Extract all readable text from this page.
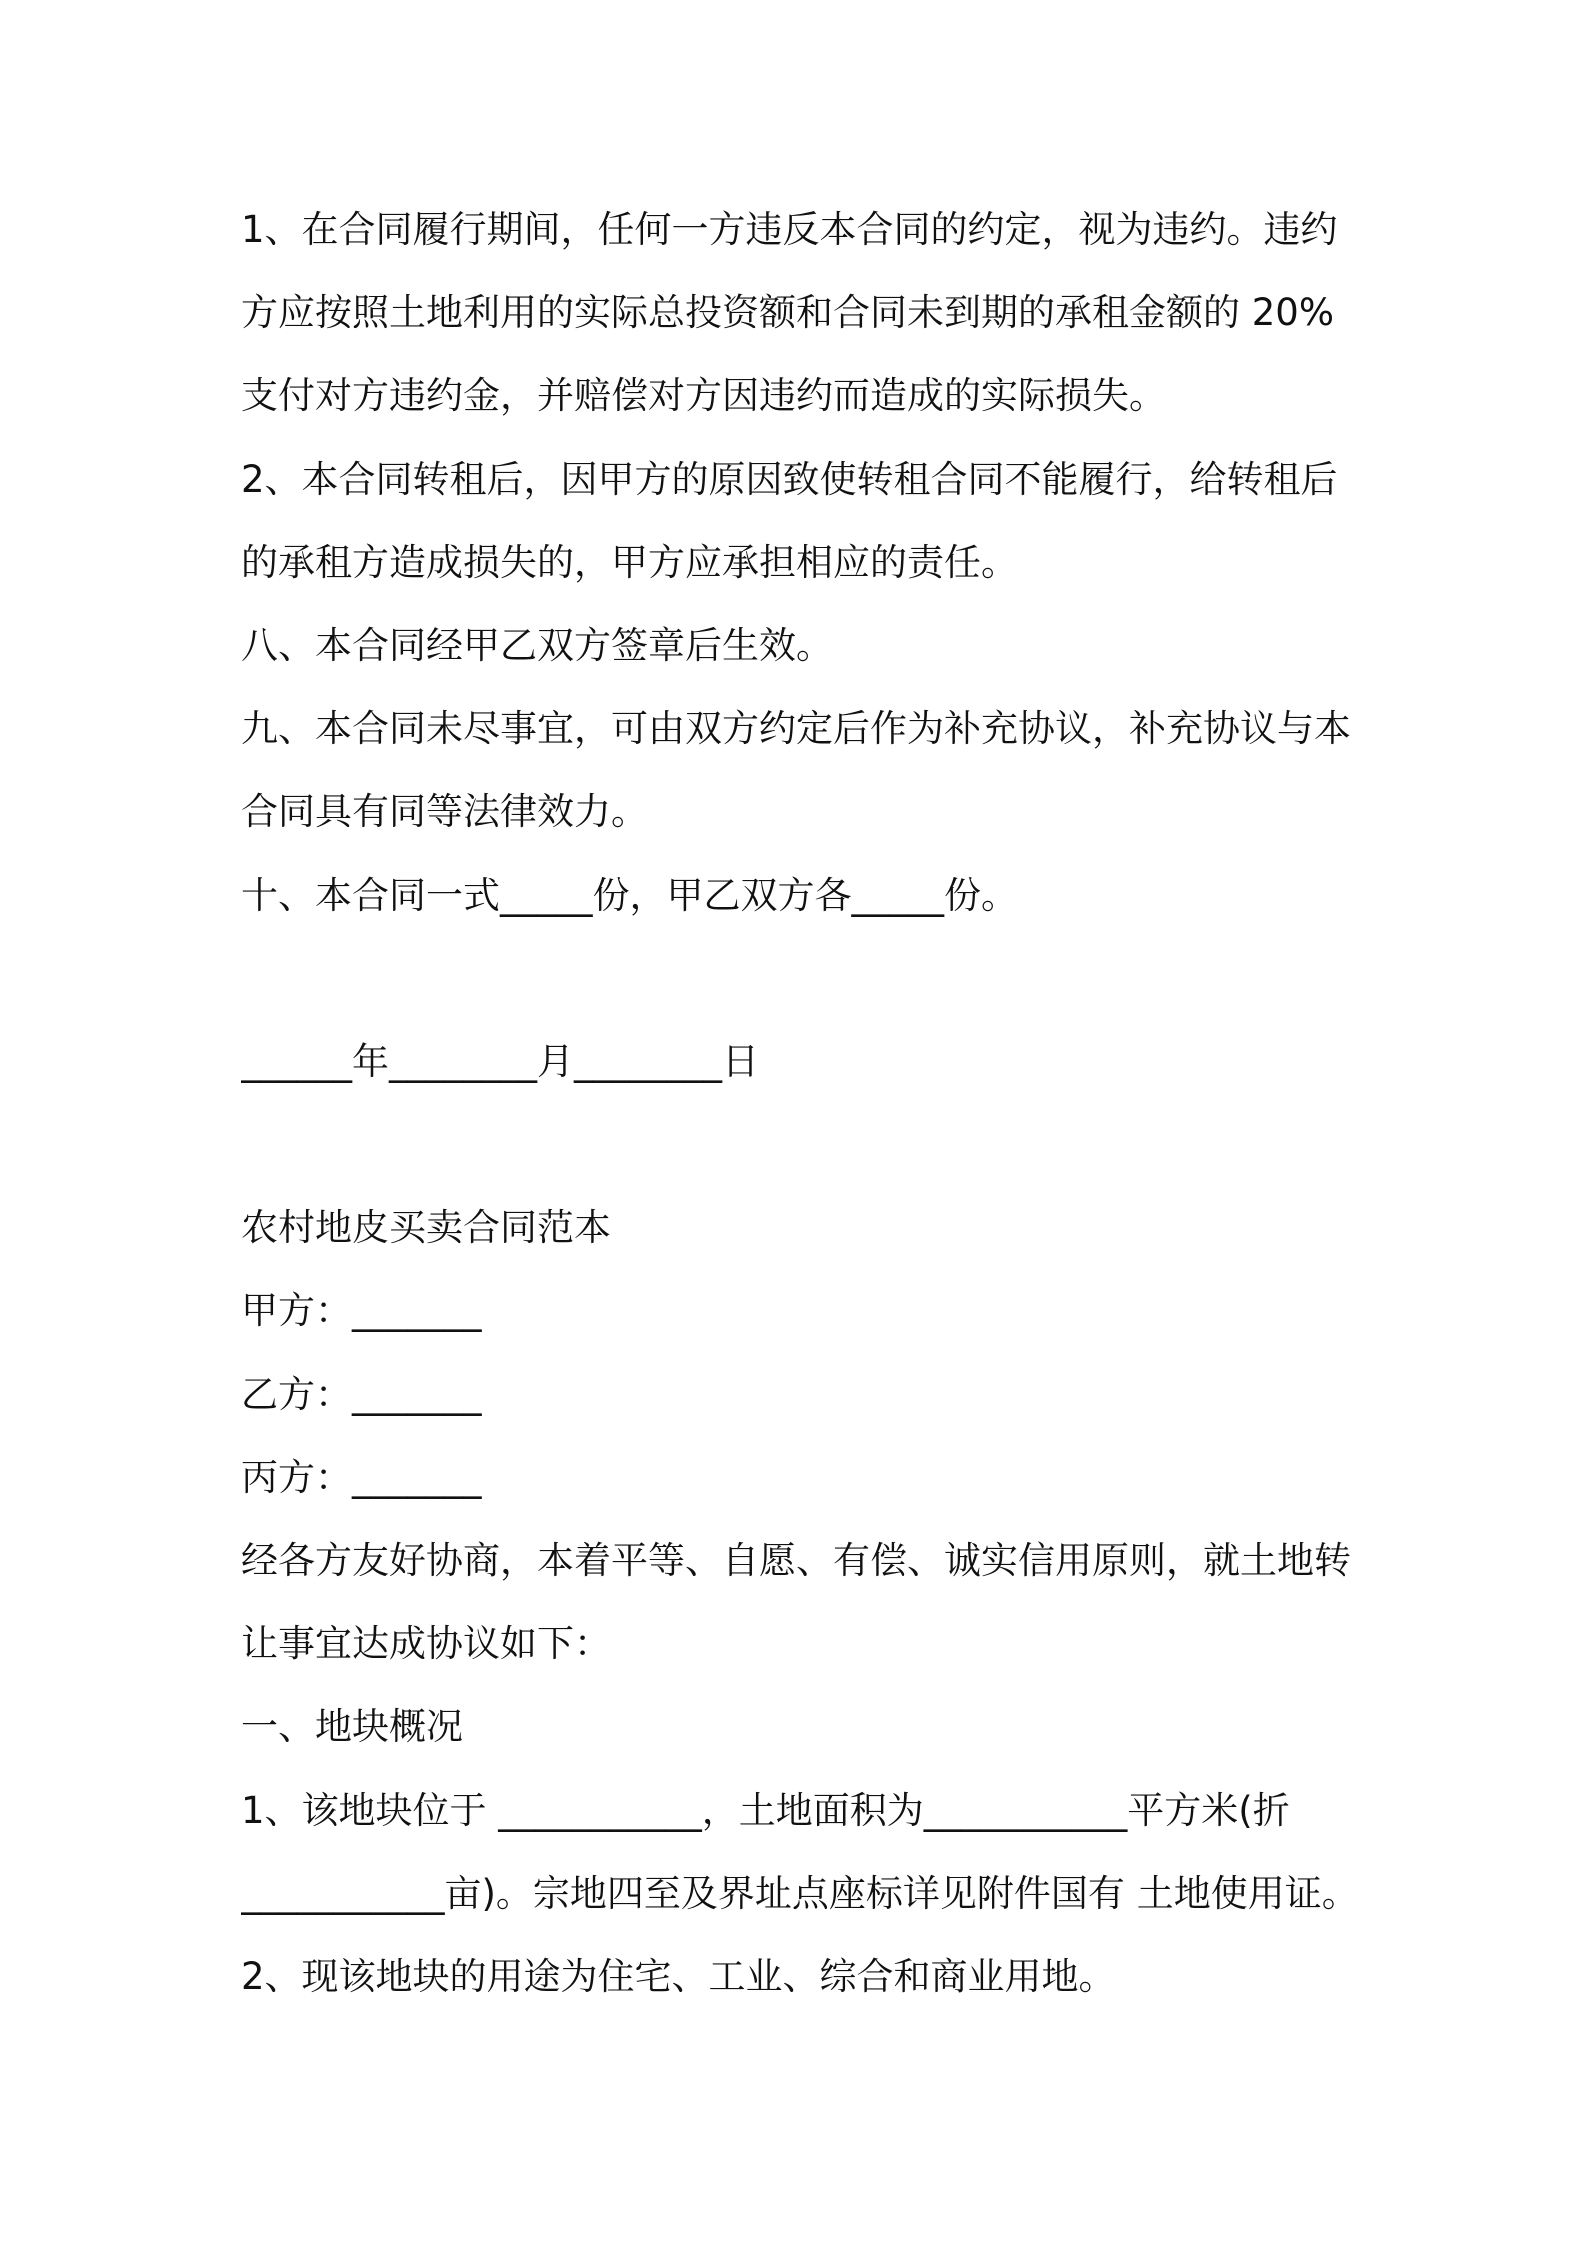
1、在合同履行期间，任何一方违反本合同的约定，视为违约。违约
方应按照土地利用的实际总投资额和合同未到期的承租金额的 20%
支付对方违约金，并赔偿对方因违约而造成的实际损失。
2、本合同转租后，因甲方的原因致使转租合同不能履行，给转租后
的承租方造成损失的，甲方应承担相应的责任。
八、本合同经甲乙双方签章后生效。
九、本合同未尽事宜，可由双方约定后作为补充协议，补充协议与本
合同具有同等法律效力。
十、本合同一式_____份，甲乙双方各_____份。

______年________月________日
农村地皮买卖合同范本
甲方：_______
乙方：_______
丙方：_______
经各方友好协商，本着平等、自愿、有偿、诚实信用原则，就土地转
让事宜达成协议如下：
一、地块概况
1、该地块位于 ___________，土地面积为___________平方米(折
___________亩)。宗地四至及界址点座标详见附件国有 土地使用证。
2、现该地块的用途为住宅、工业、综合和商业用地。
